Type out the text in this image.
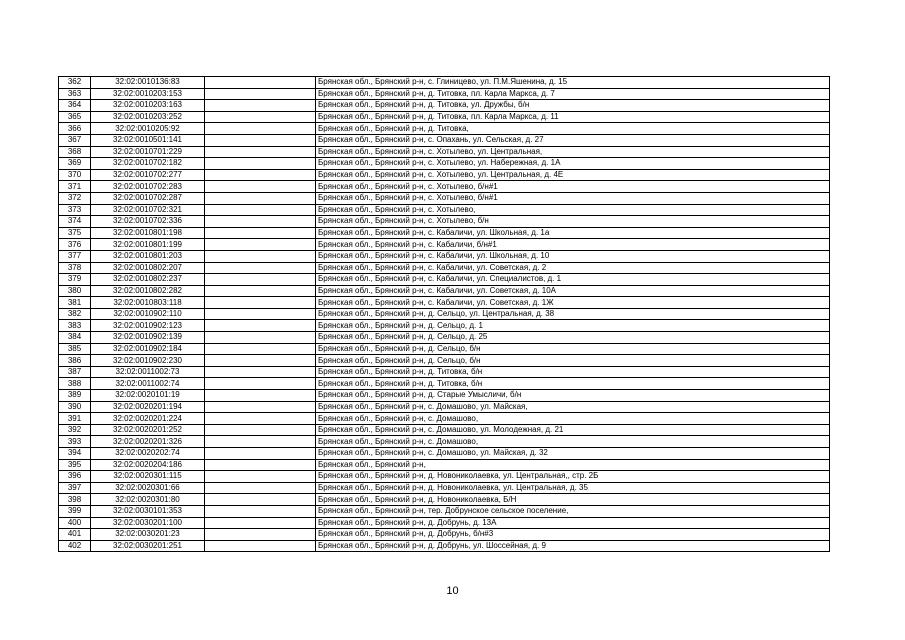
362	32:02:0010136:83		Брянская обл., Брянский р-н, с. Глиницево, ул. П.М.Яшенина, д. 15
363	32:02:0010203:153		Брянская обл., Брянский р-н, д. Титовка, пл. Карла Маркса, д. 7
364	32:02:0010203:163		Брянская обл., Брянский р-н, д. Титовка, ул. Дружбы, б/н
365	32:02:0010203:252		Брянская обл., Брянский р-н, д. Титовка, пл. Карла Маркса, д. 11
366	32:02:0010205:92		Брянская обл., Брянский р-н, д. Титовка,
367	32:02:0010501:141		Брянская обл., Брянский р-н, с. Опахань, ул. Сельская, д. 27
368	32:02:0010701:229		Брянская обл., Брянский р-н, с. Хотылево, ул. Центральная,
369	32:02:0010702:182		Брянская обл., Брянский р-н, с. Хотылево, ул. Набережная, д. 1А
370	32:02:0010702:277		Брянская обл., Брянский р-н, с. Хотылево, ул. Центральная, д. 4Е
371	32:02:0010702:283		Брянская обл., Брянский р-н, с. Хотылево, б/н#1
372	32:02:0010702:287		Брянская обл., Брянский р-н, с. Хотылево, б/н#1
373	32:02:0010702:321		Брянская обл., Брянский р-н, с. Хотылево,
374	32:02:0010702:336		Брянская обл., Брянский р-н, с. Хотылево, б/н
375	32:02:0010801:198		Брянская обл., Брянский р-н, с. Кабаличи, ул. Школьная, д. 1а
376	32:02:0010801:199		Брянская обл., Брянский р-н, с. Кабаличи, б/н#1
377	32:02:0010801:203		Брянская обл., Брянский р-н, с. Кабаличи, ул. Школьная, д. 10
378	32:02:0010802:207		Брянская обл., Брянский р-н, с. Кабаличи, ул. Советская, д. 2
379	32:02:0010802:237		Брянская обл., Брянский р-н, с. Кабаличи, ул. Специалистов, д. 1
380	32:02:0010802:282		Брянская обл., Брянский р-н, с. Кабаличи, ул. Советская, д. 10А
381	32:02:0010803:118		Брянская обл., Брянский р-н, с. Кабаличи, ул. Советская, д. 1Ж
382	32:02:0010902:110		Брянская обл., Брянский р-н, д. Сельцо, ул. Центральная, д. 38
383	32:02:0010902:123		Брянская обл., Брянский р-н, д. Сельцо, д. 1
384	32:02:0010902:139		Брянская обл., Брянский р-н, д. Сельцо, д. 25
385	32:02:0010902:184		Брянская обл., Брянский р-н, д. Сельцо, б/н
386	32:02:0010902:230		Брянская обл., Брянский р-н, д. Сельцо, б/н
387	32:02:0011002:73		Брянская обл., Брянский р-н, д. Титовка, б/н
388	32:02:0011002:74		Брянская обл., Брянский р-н, д. Титовка, б/н
389	32:02:0020101:19		Брянская обл., Брянский р-н, д. Старые Умысличи, б/н
390	32:02:0020201:194		Брянская обл., Брянский р-н, с. Домашово, ул. Майская,
391	32:02:0020201:224		Брянская обл., Брянский р-н, с. Домашово,
392	32:02:0020201:252		Брянская обл., Брянский р-н, с. Домашово, ул. Молодежная, д. 21
393	32:02:0020201:326		Брянская обл., Брянский р-н, с. Домашово,
394	32:02:0020202:74		Брянская обл., Брянский р-н, с. Домашово, ул. Майская, д. 32
395	32:02:0020204:186		Брянская обл., Брянский р-н,
396	32:02:0020301:115		Брянская обл., Брянский р-н, д. Новониколаевка, ул. Центральная,, стр. 2Б
397	32:02:0020301:66		Брянская обл., Брянский р-н, д. Новониколаевка, ул. Центральная, д. 35
398	32:02:0020301:80		Брянская обл., Брянский р-н, д. Новониколаевка, Б/Н
399	32:02:0030101:353		Брянская обл., Брянский р-н, тер. Добрунское сельское поселение,
400	32:02:0030201:100		Брянская обл., Брянский р-н, д. Добрунь, д. 13А
401	32:02:0030201:23		Брянская обл., Брянский р-н, д. Добрунь, б/н#3
402	32:02:0030201:251		Брянская обл., Брянский р-н, д. Добрунь, ул. Шоссейная, д. 9
10
